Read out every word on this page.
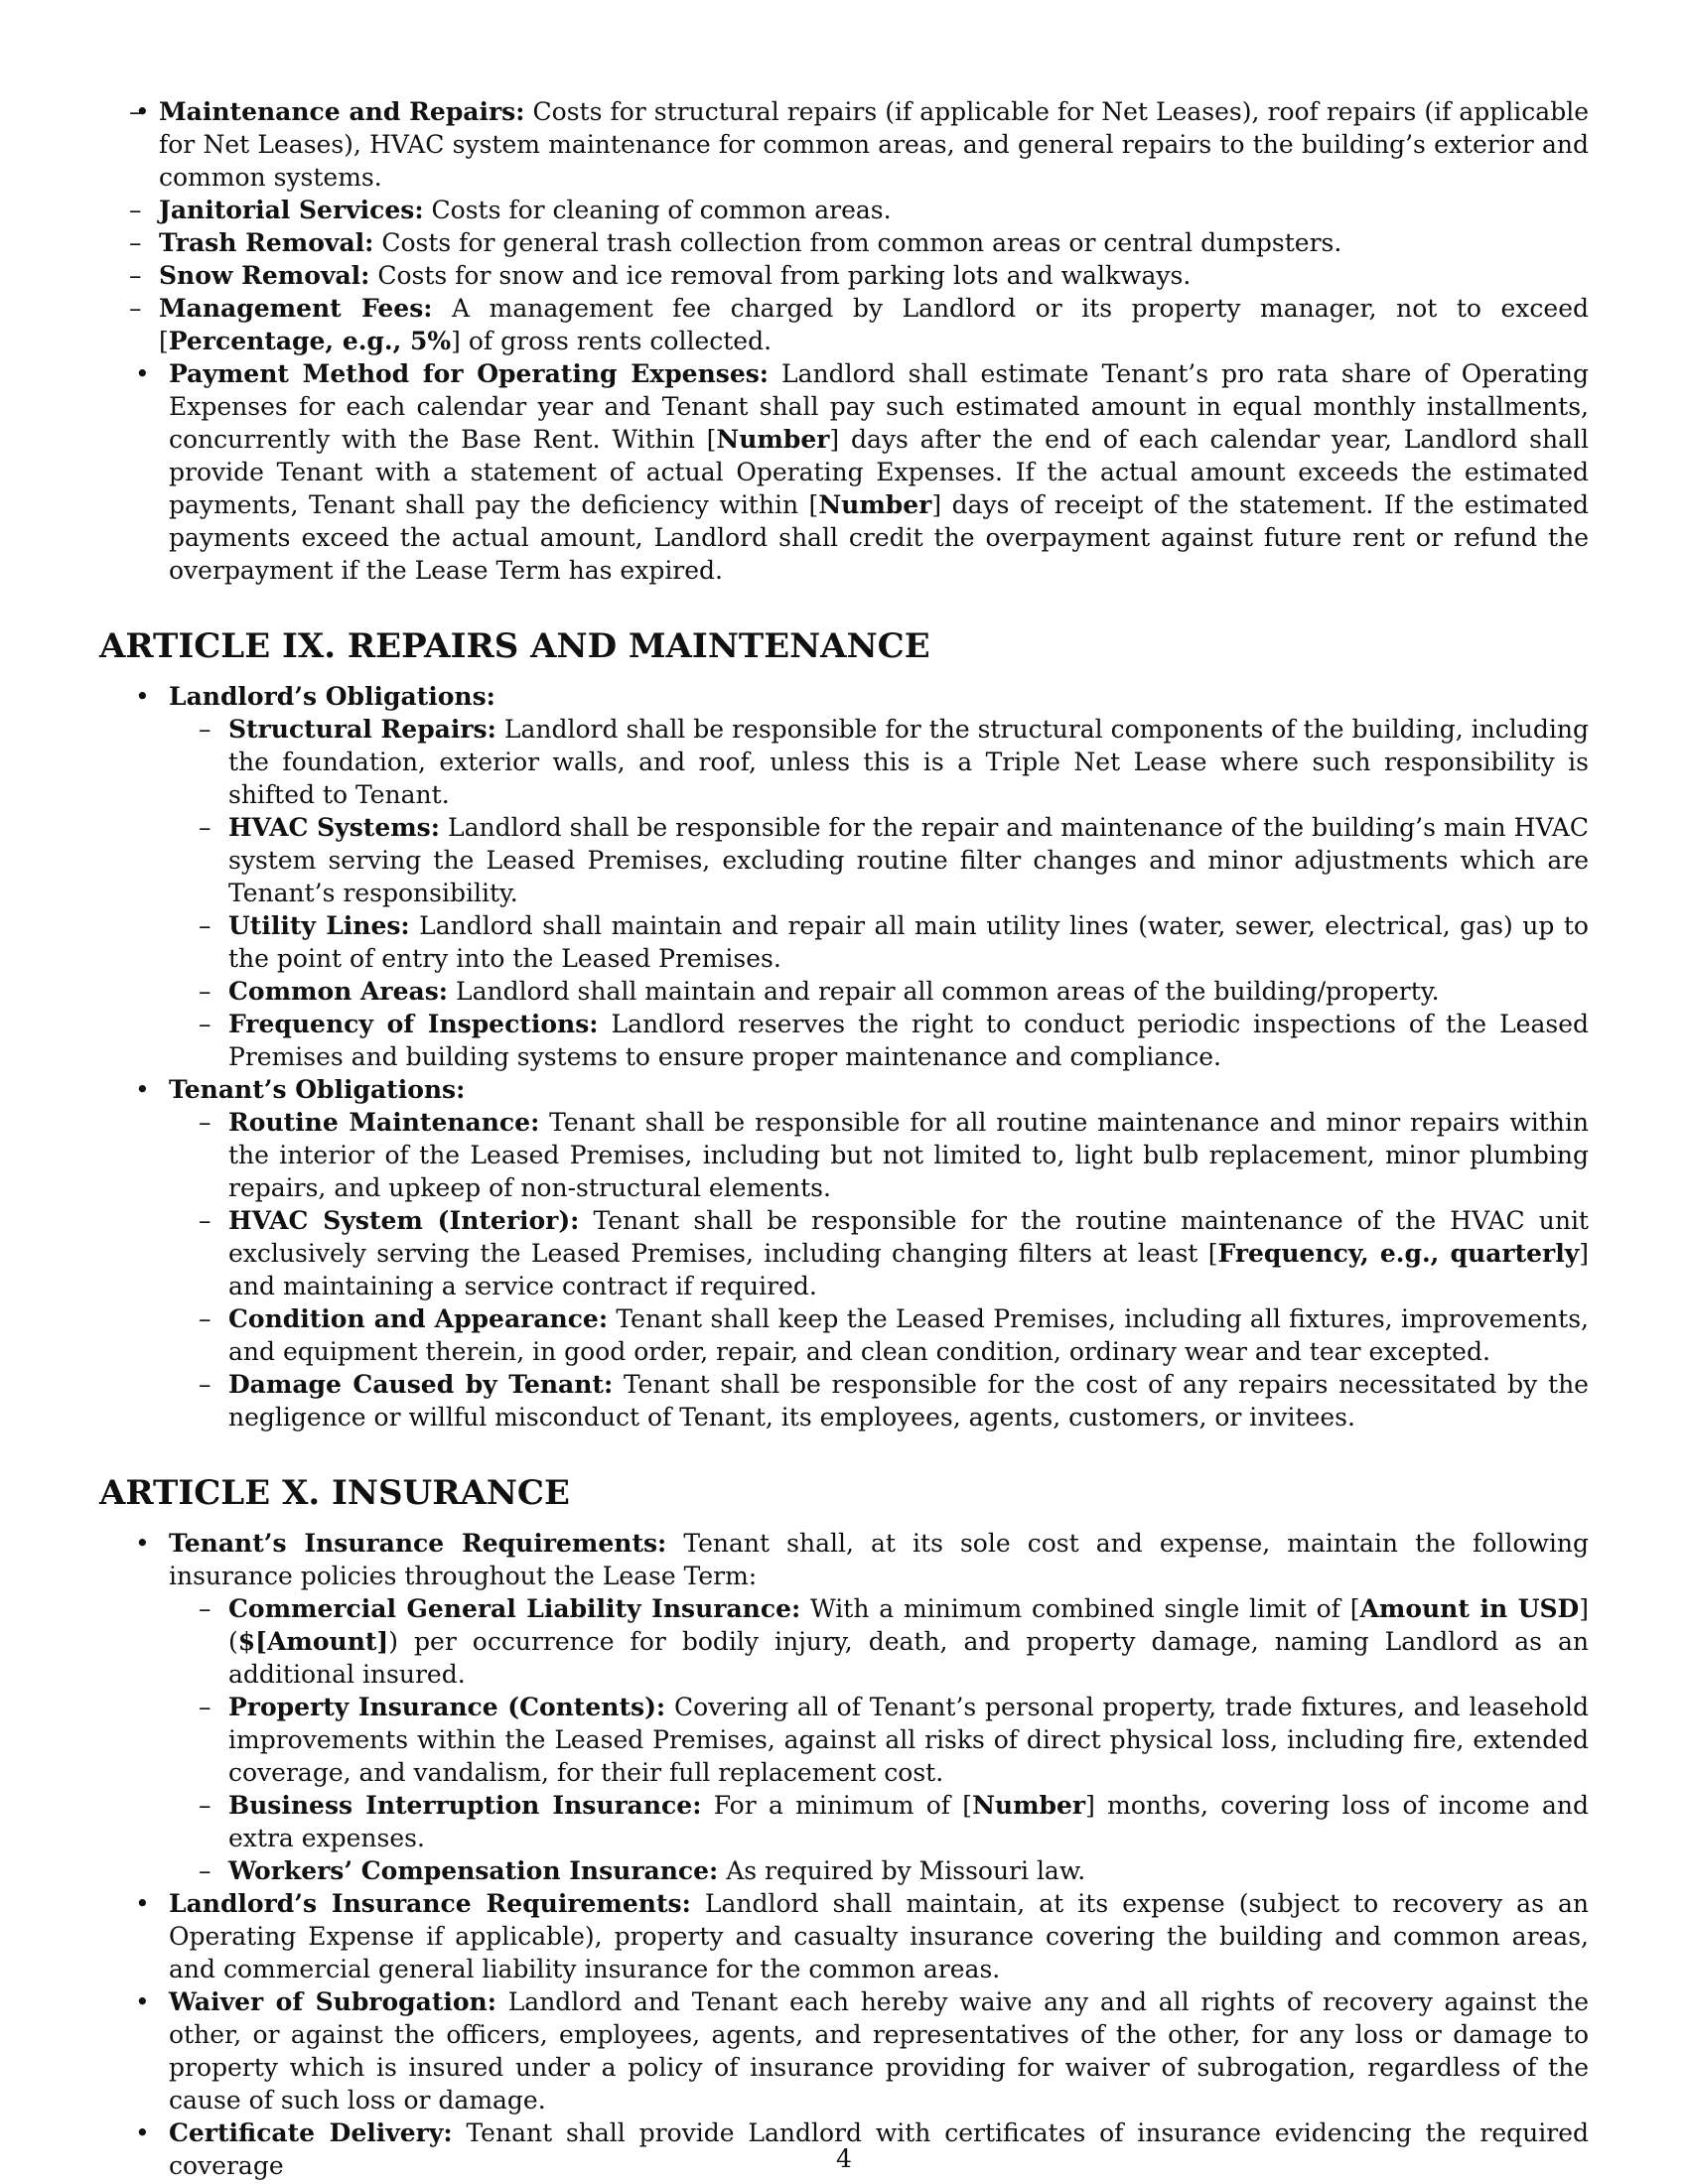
– • Maintenance and Repairs: Costs for structural repairs (if applicable for Net Leases), roof repairs (if applicable for Net Leases), HVAC system maintenance for common areas, and general repairs to the building’s exterior and common systems.
– Janitorial Services: Costs for cleaning of common areas.
– Trash Removal: Costs for general trash collection from common areas or central dumpsters.
– Snow Removal: Costs for snow and ice removal from parking lots and walkways.
– Management Fees: A management fee charged by Landlord or its property manager, not to exceed [Percentage, e.g., 5%] of gross rents collected.
• Payment Method for Operating Expenses: Landlord shall estimate Tenant’s pro rata share of Operating Expenses for each calendar year and Tenant shall pay such estimated amount in equal monthly installments, concurrently with the Base Rent. Within [Number] days after the end of each calendar year, Landlord shall provide Tenant with a statement of actual Operating Expenses. If the actual amount exceeds the estimated payments, Tenant shall pay the deficiency within [Number] days of receipt of the statement. If the estimated payments exceed the actual amount, Landlord shall credit the overpayment against future rent or refund the overpayment if the Lease Term has expired.
ARTICLE IX. REPAIRS AND MAINTENANCE
• Landlord’s Obligations:
– Structural Repairs: Landlord shall be responsible for the structural components of the building, including the foundation, exterior walls, and roof, unless this is a Triple Net Lease where such responsibility is shifted to Tenant.
– HVAC Systems: Landlord shall be responsible for the repair and maintenance of the building’s main HVAC system serving the Leased Premises, excluding routine filter changes and minor adjustments which are Tenant’s responsibility.
– Utility Lines: Landlord shall maintain and repair all main utility lines (water, sewer, electrical, gas) up to the point of entry into the Leased Premises.
– Common Areas: Landlord shall maintain and repair all common areas of the building/property.
– Frequency of Inspections: Landlord reserves the right to conduct periodic inspections of the Leased Premises and building systems to ensure proper maintenance and compliance.
• Tenant’s Obligations:
– Routine Maintenance: Tenant shall be responsible for all routine maintenance and minor repairs within the interior of the Leased Premises, including but not limited to, light bulb replacement, minor plumbing repairs, and upkeep of non-structural elements.
– HVAC System (Interior): Tenant shall be responsible for the routine maintenance of the HVAC unit exclusively serving the Leased Premises, including changing filters at least [Frequency, e.g., quarterly] and maintaining a service contract if required.
– Condition and Appearance: Tenant shall keep the Leased Premises, including all fixtures, improvements, and equipment therein, in good order, repair, and clean condition, ordinary wear and tear excepted.
– Damage Caused by Tenant: Tenant shall be responsible for the cost of any repairs necessitated by the negligence or willful misconduct of Tenant, its employees, agents, customers, or invitees.
ARTICLE X. INSURANCE
• Tenant’s Insurance Requirements: Tenant shall, at its sole cost and expense, maintain the following insurance policies throughout the Lease Term:
– Commercial General Liability Insurance: With a minimum combined single limit of [Amount in USD] ($[Amount]) per occurrence for bodily injury, death, and property damage, naming Landlord as an additional insured.
– Property Insurance (Contents): Covering all of Tenant’s personal property, trade fixtures, and leasehold improvements within the Leased Premises, against all risks of direct physical loss, including fire, extended coverage, and vandalism, for their full replacement cost.
– Business Interruption Insurance: For a minimum of [Number] months, covering loss of income and extra expenses.
– Workers’ Compensation Insurance: As required by Missouri law.
• Landlord’s Insurance Requirements: Landlord shall maintain, at its expense (subject to recovery as an Operating Expense if applicable), property and casualty insurance covering the building and common areas, and commercial general liability insurance for the common areas.
• Waiver of Subrogation: Landlord and Tenant each hereby waive any and all rights of recovery against the other, or against the officers, employees, agents, and representatives of the other, for any loss or damage to property which is insured under a policy of insurance providing for waiver of subrogation, regardless of the cause of such loss or damage.
• Certificate Delivery: Tenant shall provide Landlord with certificates of insurance evidencing the required coverage	4
